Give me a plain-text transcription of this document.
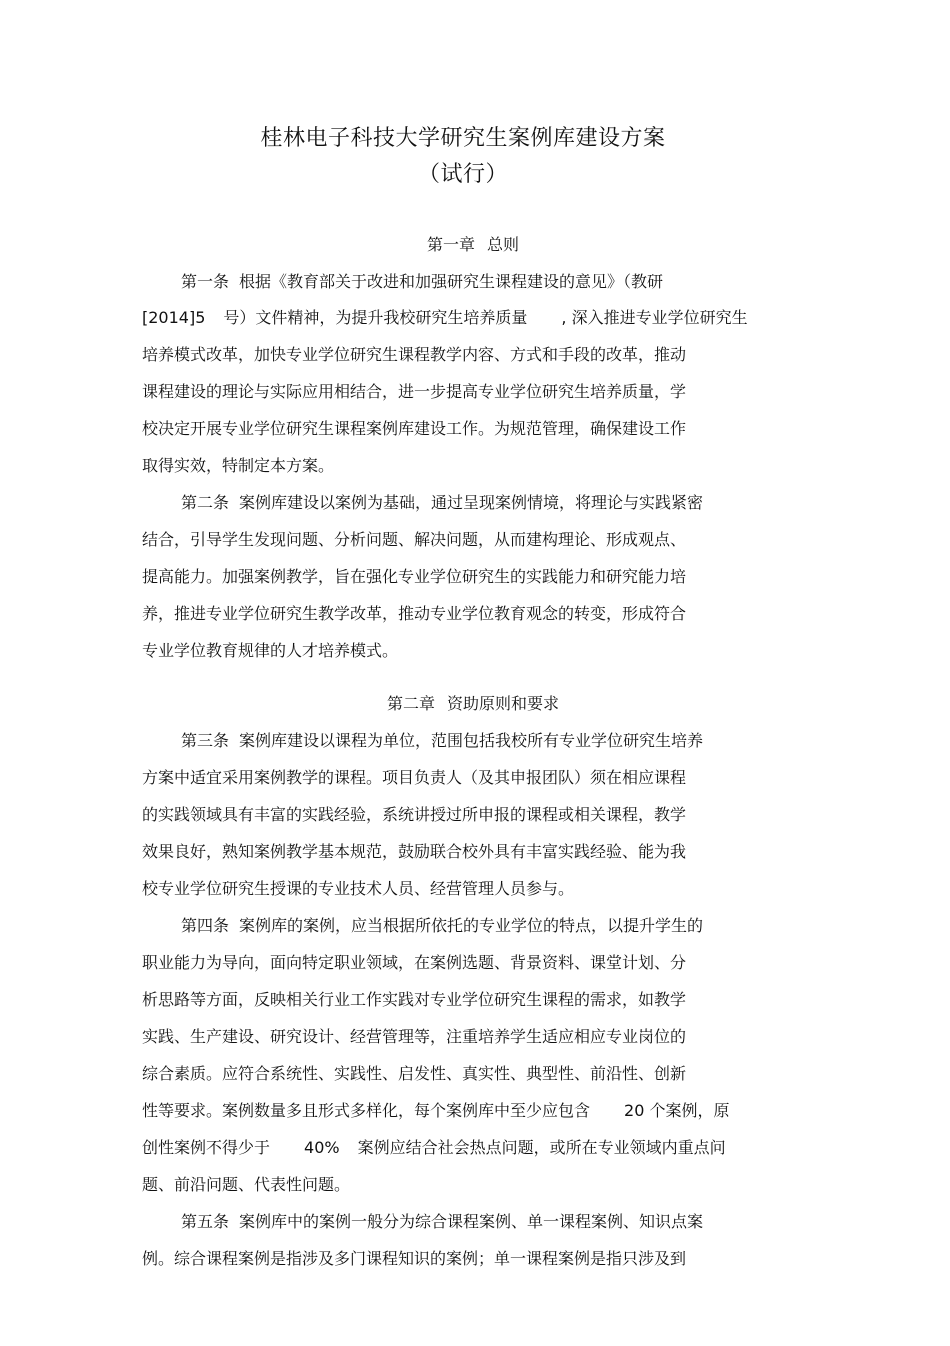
桂林电子科技大学研究生案例库建设方案
（试行）
第一章 总则
第一条 根据《教育部关于改进和加强研究生课程建设的意见》（教研
[2014]5 号）文件精神，为提升我校研究生培养质量 , 深入推进专业学位研究生
培养模式改革，加快专业学位研究生课程教学内容、方式和手段的改革，推动
课程建设的理论与实际应用相结合，进一步提高专业学位研究生培养质量，学
校决定开展专业学位研究生课程案例库建设工作。为规范管理，确保建设工作
取得实效，特制定本方案。
第二条 案例库建设以案例为基础，通过呈现案例情境，将理论与实践紧密
结合，引导学生发现问题、分析问题、解决问题，从而建构理论、形成观点、
提高能力。加强案例教学，旨在强化专业学位研究生的实践能力和研究能力培
养，推进专业学位研究生教学改革，推动专业学位教育观念的转变，形成符合
专业学位教育规律的人才培养模式。
第二章 资助原则和要求
第三条 案例库建设以课程为单位，范围包括我校所有专业学位研究生培养
方案中适宜采用案例教学的课程。项目负责人（及其申报团队）须在相应课程
的实践领域具有丰富的实践经验，系统讲授过所申报的课程或相关课程，教学
效果良好，熟知案例教学基本规范，鼓励联合校外具有丰富实践经验、能为我
校专业学位研究生授课的专业技术人员、经营管理人员参与。
第四条 案例库的案例，应当根据所依托的专业学位的特点，以提升学生的
职业能力为导向，面向特定职业领域，在案例选题、背景资料、课堂计划、分
析思路等方面，反映相关行业工作实践对专业学位研究生课程的需求，如教学
实践、生产建设、研究设计、经营管理等，注重培养学生适应相应专业岗位的
综合素质。应符合系统性、实践性、启发性、真实性、典型性、前沿性、创新
性等要求。案例数量多且形式多样化，每个案例库中至少应包含 20 个案例，原
创性案例不得少于 40% 案例应结合社会热点问题，或所在专业领域内重点问
题、前沿问题、代表性问题。
第五条 案例库中的案例一般分为综合课程案例、单一课程案例、知识点案
例。综合课程案例是指涉及多门课程知识的案例；单一课程案例是指只涉及到
